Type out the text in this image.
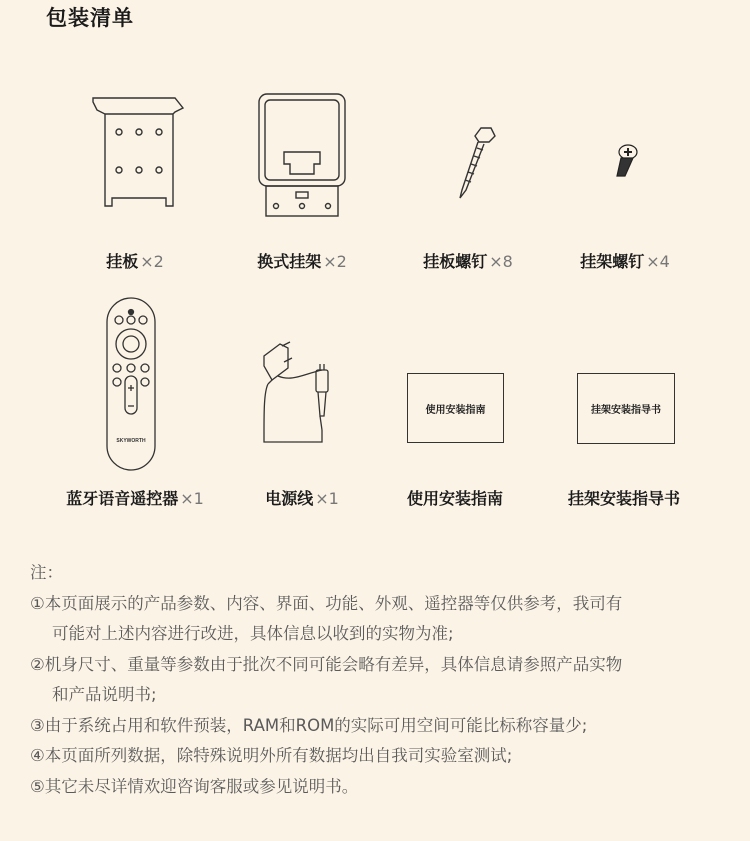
包装清单
挂板 ×2	换式挂架 ×2	挂板螺钉 ×8	挂架螺钉 ×4
SKYWORTH
蓝牙语音遥控器 ×1	电源线 ×1
使用安装指南
使用安装指南
挂架安装指导书
挂架安装指导书

注：

①本页面展示的产品参数、内容、界面、功能、外观、遥控器等仅供参考，我司有

可能对上述内容进行改进，具体信息以收到的实物为准;

②机身尺寸、重量等参数由于批次不同可能会略有差异，具体信息请参照产品实物

和产品说明书;

③由于系统占用和软件预装，RAM和ROM的实际可用空间可能比标称容量少;

④本页面所列数据，除特殊说明外所有数据均出自我司实验室测试;

⑤其它未尽详情欢迎咨询客服或参见说明书。
